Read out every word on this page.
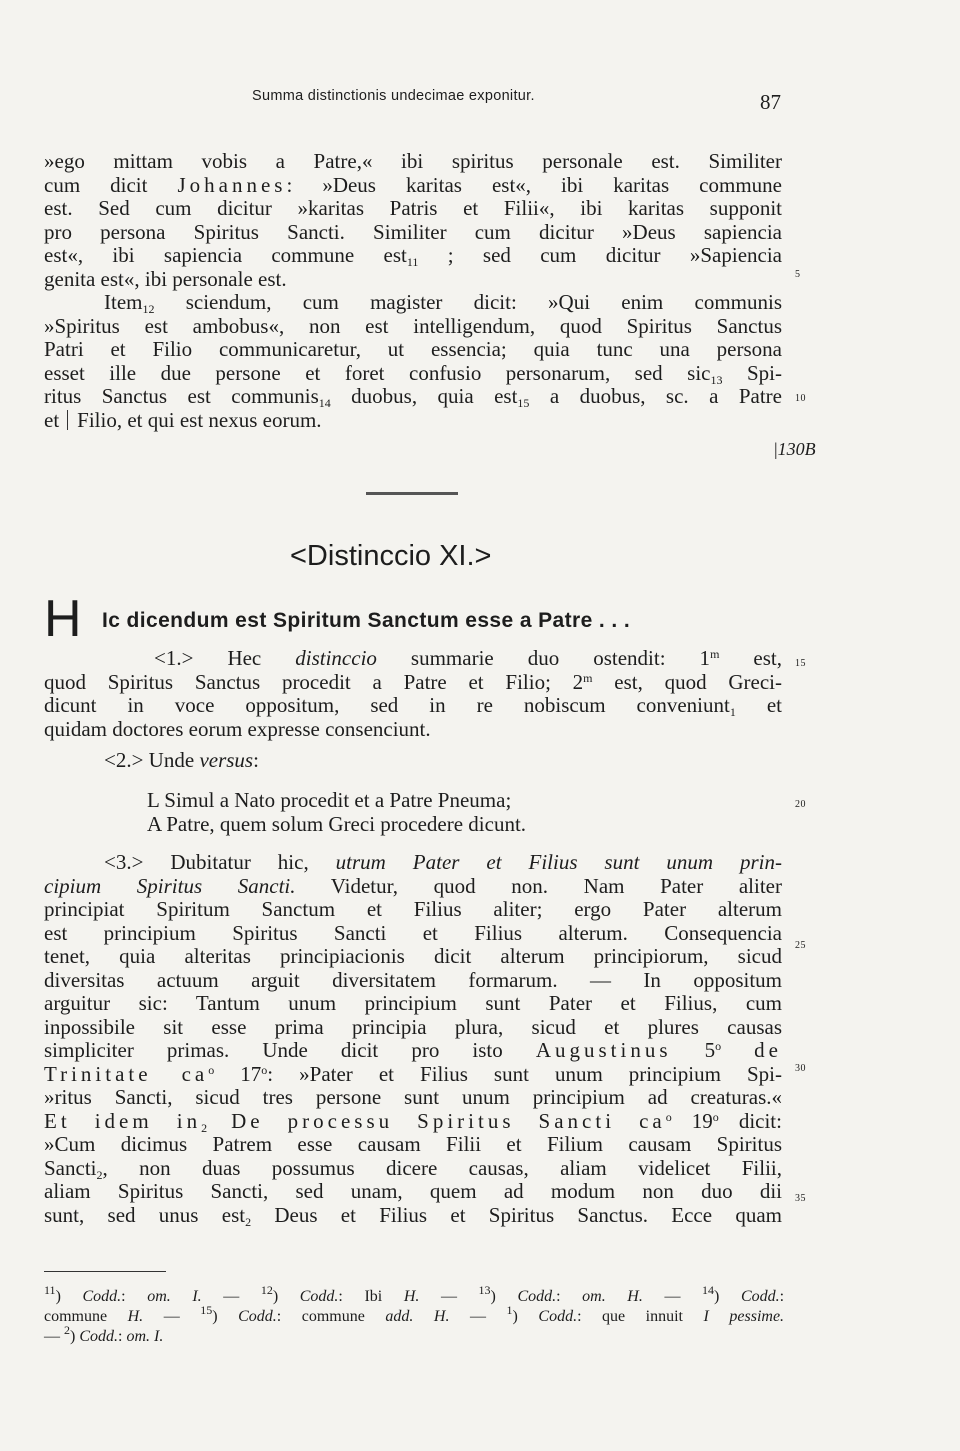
Summa distinctionis undecimae exponitur.	87
»ego mittam vobis a Patre,« ibi spiritus personale est. Similiter
cum dicit Johannes: »Deus karitas est«, ibi karitas commune
est. Sed cum dicitur »karitas Patris et Filii«, ibi karitas supponit
pro persona Spiritus Sancti. Similiter cum dicitur »Deus sapiencia
est«, ibi sapiencia commune est$_{11}$ ; sed cum dicitur »Sapiencia
genita est«, ibi personale est.
Item$_{12}$ sciendum, cum magister dicit: »Qui enim communis
»Spiritus est ambobus«, non est intelligendum, quod Spiritus Sanctus
Patri et Filio communicaretur, ut essencia; quia tunc una persona
esset ille due persone et foret confusio personarum, sed sic$_{13}$ Spi-
ritus Sanctus est communis$_{14}$ duobus, quia est$_{15}$ a duobus, sc. a Patre
et Filio, et qui est nexus eorum.
|130B
<Distinccio XI.>
H Ic dicendum est Spiritum Sanctum esse a Patre . . .
<1.> Hec distinccio summarie duo ostendit: 1$^m$ est,
quod Spiritus Sanctus procedit a Patre et Filio; 2$^m$ est, quod Greci-
dicunt in voce oppositum, sed in re nobiscum conveniunt$_1$ et
quidam doctores eorum expresse consenciunt.
<2.> Unde versus:
L Simul a Nato procedit et a Patre Pneuma;
A Patre, quem solum Greci procedere dicunt.
<3.> Dubitatur hic, utrum Pater et Filius sunt unum prin-
cipium Spiritus Sancti. Videtur, quod non. Nam Pater aliter
principiat Spiritum Sanctum et Filius aliter; ergo Pater alterum
est principium Spiritus Sancti et Filius alterum. Consequencia
tenet, quia alteritas principiacionis dicit alterum principiorum, sicud
diversitas actuum arguit diversitatem formarum. — In oppositum
arguitur sic: Tantum unum principium sunt Pater et Filius, cum
inpossibile sit esse prima principia plura, sicud et plures causas
simpliciter primas. Unde dicit pro isto Augustinus 5$^o$ de
Trinitate $ca^o$ 17$^o$: »Pater et Filius sunt unum principium Spi-
»ritus Sancti, sicud tres persone sunt unum principium ad creaturas.«
Et idem $in_2$ De processu Spiritus Sancti $ca^o$ 19$^o$ dicit:
»Cum dicimus Patrem esse causam Filii et Filium causam Spiritus
Sancti$_2$, non duas possumus dicere causas, aliam videlicet Filii,
aliam Spiritus Sancti, sed unam, quem ad modum non duo dii
sunt, sed unus est$_2$ Deus et Filius et Spiritus Sanctus. Ecce quam
5
10
15
20
25
30
35
$^{11}$) Codd.: om. I. — $^{12}$) Codd.: Ibi H. — $^{13}$) Codd.: om. H. — $^{14}$) Codd.:
commune H. — $^{15}$) Codd.: commune add. H. — $^1$) Codd.: que innuit I pessime.
— $^2$) Codd.: om. I.
